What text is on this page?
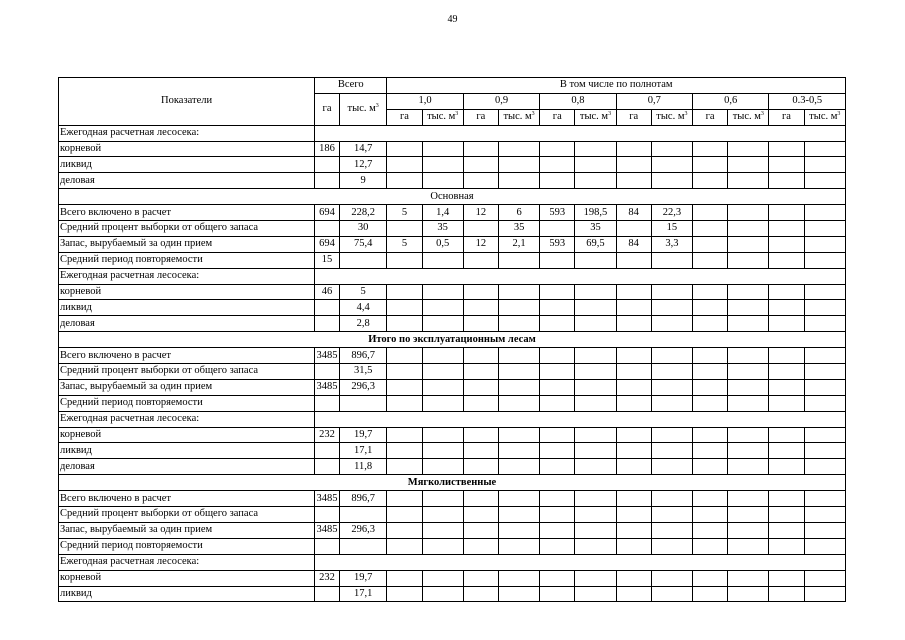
49
Показатели	Всего		В том числе по полнотам											
	га	тыс. $м^3$	1,0		0,9		0,8		0,7		0,6		0.3-0,5	
			га	тыс. $м^3$	га	тыс. $м^3$	га	тыс. $м^3$	га	тыс. $м^3$	га	тыс. $м^3$	га	тыс. $м^3$
Ежегодная расчетная лесосека:														
корневой	186	14,7												
ликвид		12,7												
деловая		9												
Основная														
Всего включено в расчет	694	228,2	5	1,4	12	6	593	198,5	84	22,3				
Средний процент выборки от общего запаса		30		35		35		35		15				
Запас, вырубаемый за один прием	694	75,4	5	0,5	12	2,1	593	69,5	84	3,3				
Средний период повторяемости	15													
Ежегодная расчетная лесосека:														
корневой	46	5												
ликвид		4,4												
деловая		2,8												
Итого по эксплуатационным лесам														
Всего включено в расчет	3485	896,7												
Средний процент выборки от общего запаса		31,5												
Запас, вырубаемый за один прием	3485	296,3												
Средний период повторяемости														
Ежегодная расчетная лесосека:														
корневой	232	19,7												
ликвид		17,1												
деловая		11,8												
Мягколиственные														
Всего включено в расчет	3485	896,7												
Средний процент выборки от общего запаса														
Запас, вырубаемый за один прием	3485	296,3												
Средний период повторяемости														
Ежегодная расчетная лесосека:														
корневой	232	19,7												
ликвид		17,1												
